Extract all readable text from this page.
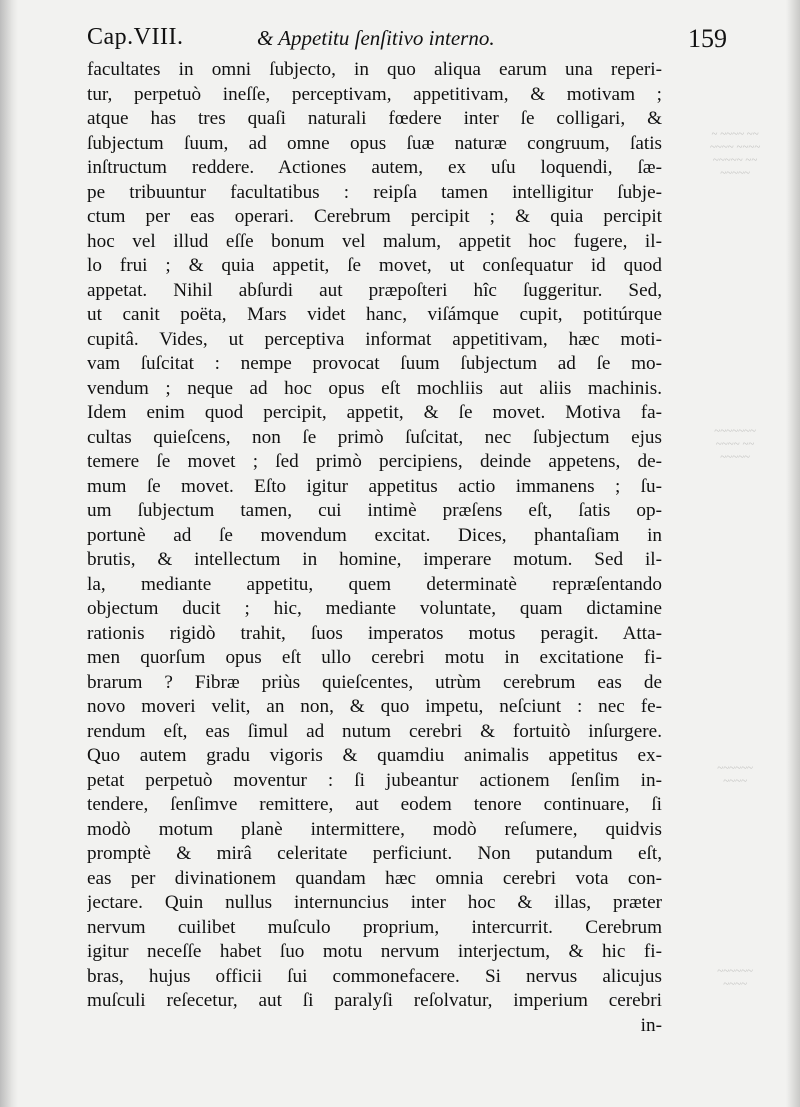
Cap.VIII.	& Appetitu ſenſitivo interno.	159
facultates in omni ſubjecto, in quo aliqua earum una reperi-
tur, perpetuò ineſſe, perceptivam, appetitivam, & motivam ;
atque has tres quaſi naturali fœdere inter ſe colligari, &
ſubjectum ſuum, ad omne opus ſuæ naturæ congruum, ſatis
inſtructum reddere. Actiones autem, ex uſu loquendi, ſæ-
pe tribuuntur facultatibus : reipſa tamen intelligitur ſubje-
ctum per eas operari. Cerebrum percipit ; & quia percipit
hoc vel illud eſſe bonum vel malum, appetit hoc fugere, il-
lo frui ; & quia appetit, ſe movet, ut conſequatur id quod
appetat. Nihil abſurdi aut præpoſteri hîc ſuggeritur. Sed,
ut canit poëta, Mars videt hanc, viſámque cupit, potitúrque
cupitâ. Vides, ut perceptiva informat appetitivam, hæc moti-
vam ſuſcitat : nempe provocat ſuum ſubjectum ad ſe mo-
vendum ; neque ad hoc opus eſt mochliis aut aliis machinis.
Idem enim quod percipit, appetit, & ſe movet. Motiva fa-
cultas quieſcens, non ſe primò ſuſcitat, nec ſubjectum ejus
temere ſe movet ; ſed primò percipiens, deinde appetens, de-
mum ſe movet. Eſto igitur appetitus actio immanens ; ſu-
um ſubjectum tamen, cui intimè præſens eſt, ſatis op-
portunè ad ſe movendum excitat. Dices, phantaſiam in
brutis, & intellectum in homine, imperare motum. Sed il-
la, mediante appetitu, quem determinatè repræſentando
objectum ducit ; hic, mediante voluntate, quam dictamine
rationis rigidò trahit, ſuos imperatos motus peragit. Atta-
men quorſum opus eſt ullo cerebri motu in excitatione fi-
brarum ? Fibræ priùs quieſcentes, utrùm cerebrum eas de
novo moveri velit, an non, & quo impetu, neſciunt : nec fe-
rendum eſt, eas ſimul ad nutum cerebri & fortuitò inſurgere.
Quo autem gradu vigoris & quamdiu animalis appetitus ex-
petat perpetuò moventur : ſi jubeantur actionem ſenſim in-
tendere, ſenſimve remittere, aut eodem tenore continuare, ſi
modò motum planè intermittere, modò reſumere, quidvis
promptè & mirâ celeritate perficiunt. Non putandum eſt,
eas per divinationem quandam hæc omnia cerebri vota con-
jectare. Quin nullus internuncius inter hoc & illas, præter
nervum cuilibet muſculo proprium, intercurrit. Cerebrum
igitur neceſſe habet ſuo motu nervum interjectum, & hic fi-
bras, hujus officii ſui commonefacere. Si nervus alicujus
muſculi reſecetur, aut ſi paralyſi reſolvatur, imperium cerebri
in-
~ ~~~~ ~~
~~~~ ~~~~
~~~~~ ~~
~~~~~
~~~~~~~
~~~~ ~~
~~~~~
~~~~~~
~~~~
~~~~~~
~~~~
